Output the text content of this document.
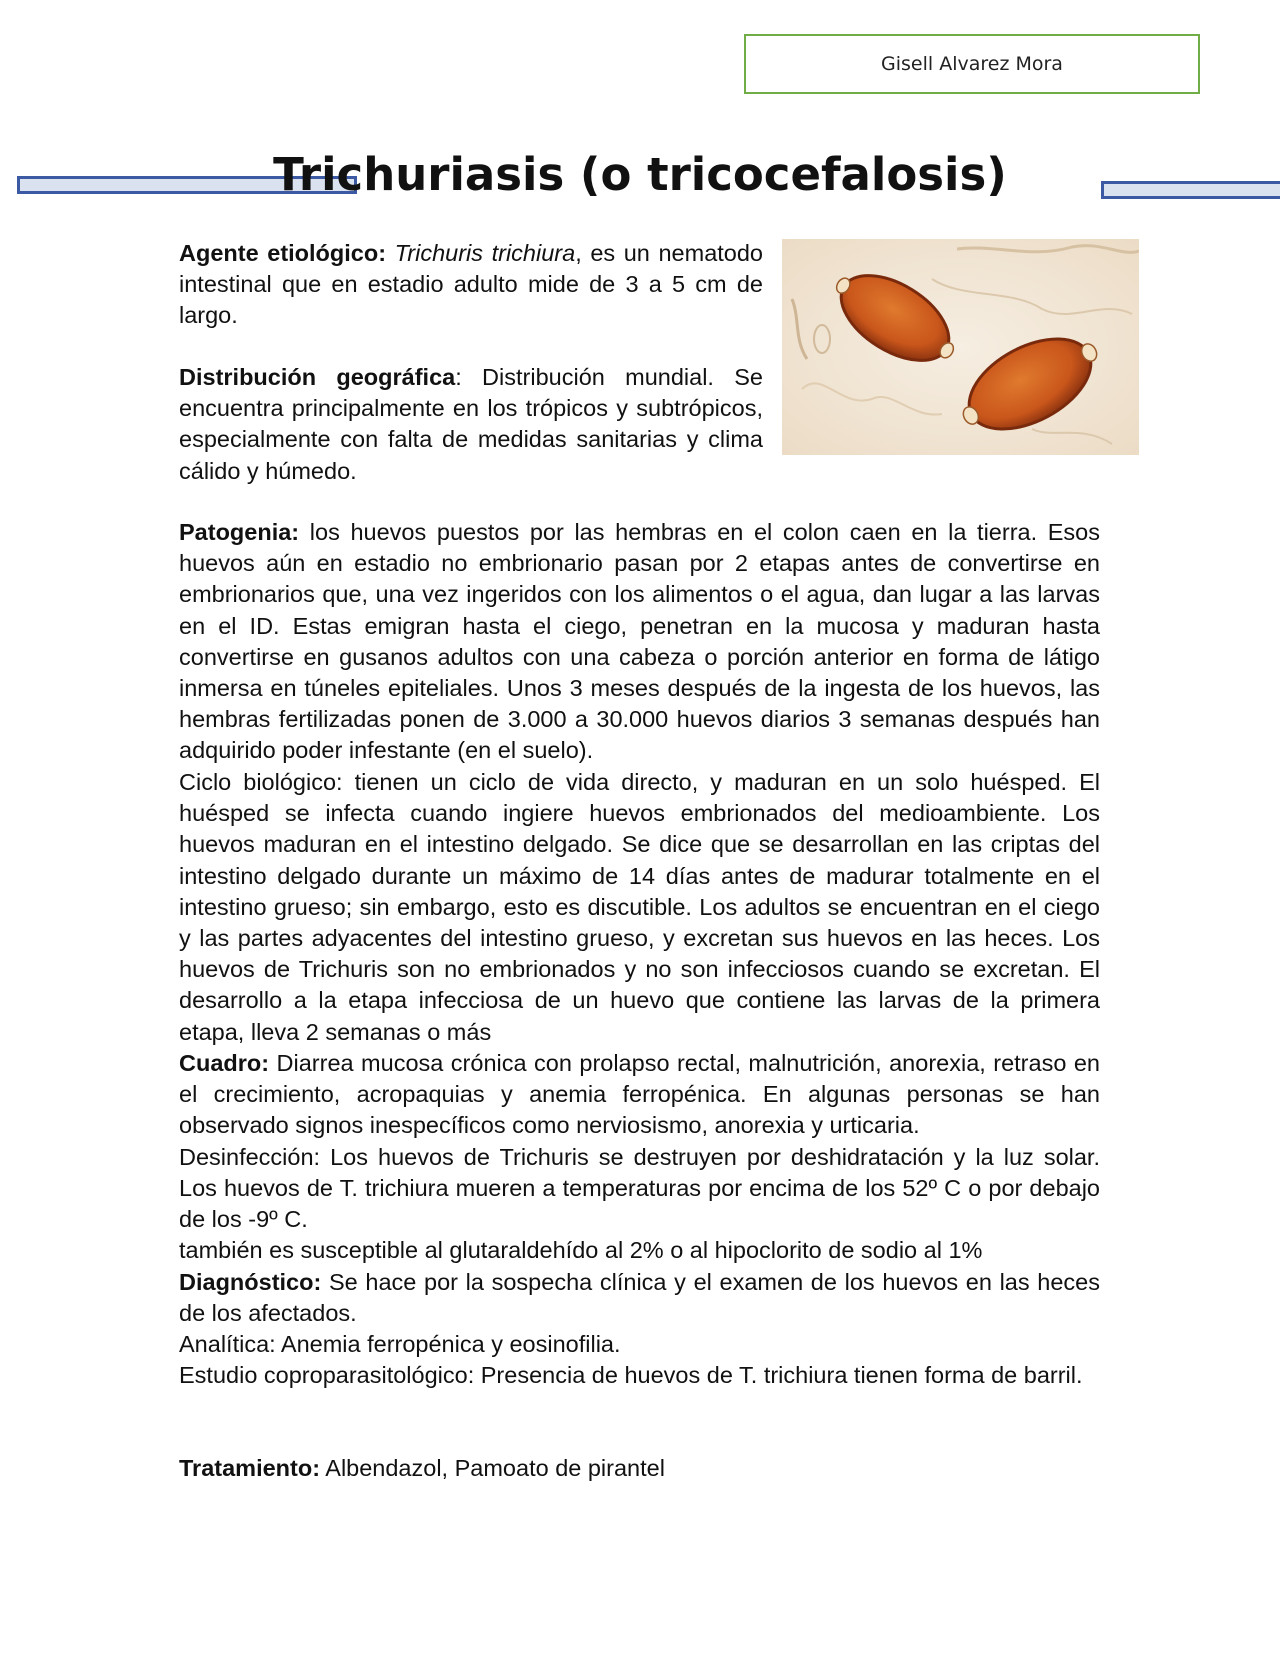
Gisell Alvarez Mora
Trichuriasis (o tricocefalosis)

Agente etiológico: Trichuris trichiura, es un nematodo intestinal que en estadio adulto mide de 3 a 5 cm de largo.

Distribución geográfica: Distribución mundial. Se encuentra principalmente en los trópicos y subtrópicos, especialmente con falta de medidas sanitarias y clima cálido y húmedo.

Patogenia: los huevos puestos por las hembras en el colon caen en la tierra. Esos huevos aún en estadio no embrionario pasan por 2 etapas antes de convertirse en embrionarios que, una vez ingeridos con los alimentos o el agua, dan lugar a las larvas en el ID. Estas emigran hasta el ciego, penetran en la mucosa y maduran hasta convertirse en gusanos adultos con una cabeza o porción anterior en forma de látigo inmersa en túneles epiteliales. Unos 3 meses después de la ingesta de los huevos, las hembras fertilizadas ponen de 3.000 a 30.000 huevos diarios 3 semanas después han adquirido poder infestante (en el suelo).

Ciclo biológico: tienen un ciclo de vida directo, y maduran en un solo huésped. El huésped se infecta cuando ingiere huevos embrionados del medioambiente. Los huevos maduran en el intestino delgado. Se dice que se desarrollan en las criptas del intestino delgado durante un máximo de 14 días antes de madurar totalmente en el intestino grueso; sin embargo, esto es discutible. Los adultos se encuentran en el ciego y las partes adyacentes del intestino grueso, y excretan sus huevos en las heces. Los huevos de Trichuris son no embrionados y no son infecciosos cuando se excretan. El desarrollo a la etapa infecciosa de un huevo que contiene las larvas de la primera etapa, lleva 2 semanas o más

Cuadro: Diarrea mucosa crónica con prolapso rectal, malnutrición, anorexia, retraso en el crecimiento, acropaquias y anemia ferropénica. En algunas personas se han observado signos inespecíficos como nerviosismo, anorexia y urticaria.

Desinfección: Los huevos de Trichuris se destruyen por deshidratación y la luz solar. Los huevos de T. trichiura mueren a temperaturas por encima de los 52º C o por debajo de los -9º C.

también es susceptible al glutaraldehído al 2% o al hipoclorito de sodio al 1%

Diagnóstico: Se hace por la sospecha clínica y el examen de los huevos en las heces de los afectados.

Analítica: Anemia ferropénica y eosinofilia.

Estudio coproparasitológico: Presencia de huevos de T. trichiura tienen forma de barril.

Tratamiento: Albendazol, Pamoato de pirantel
